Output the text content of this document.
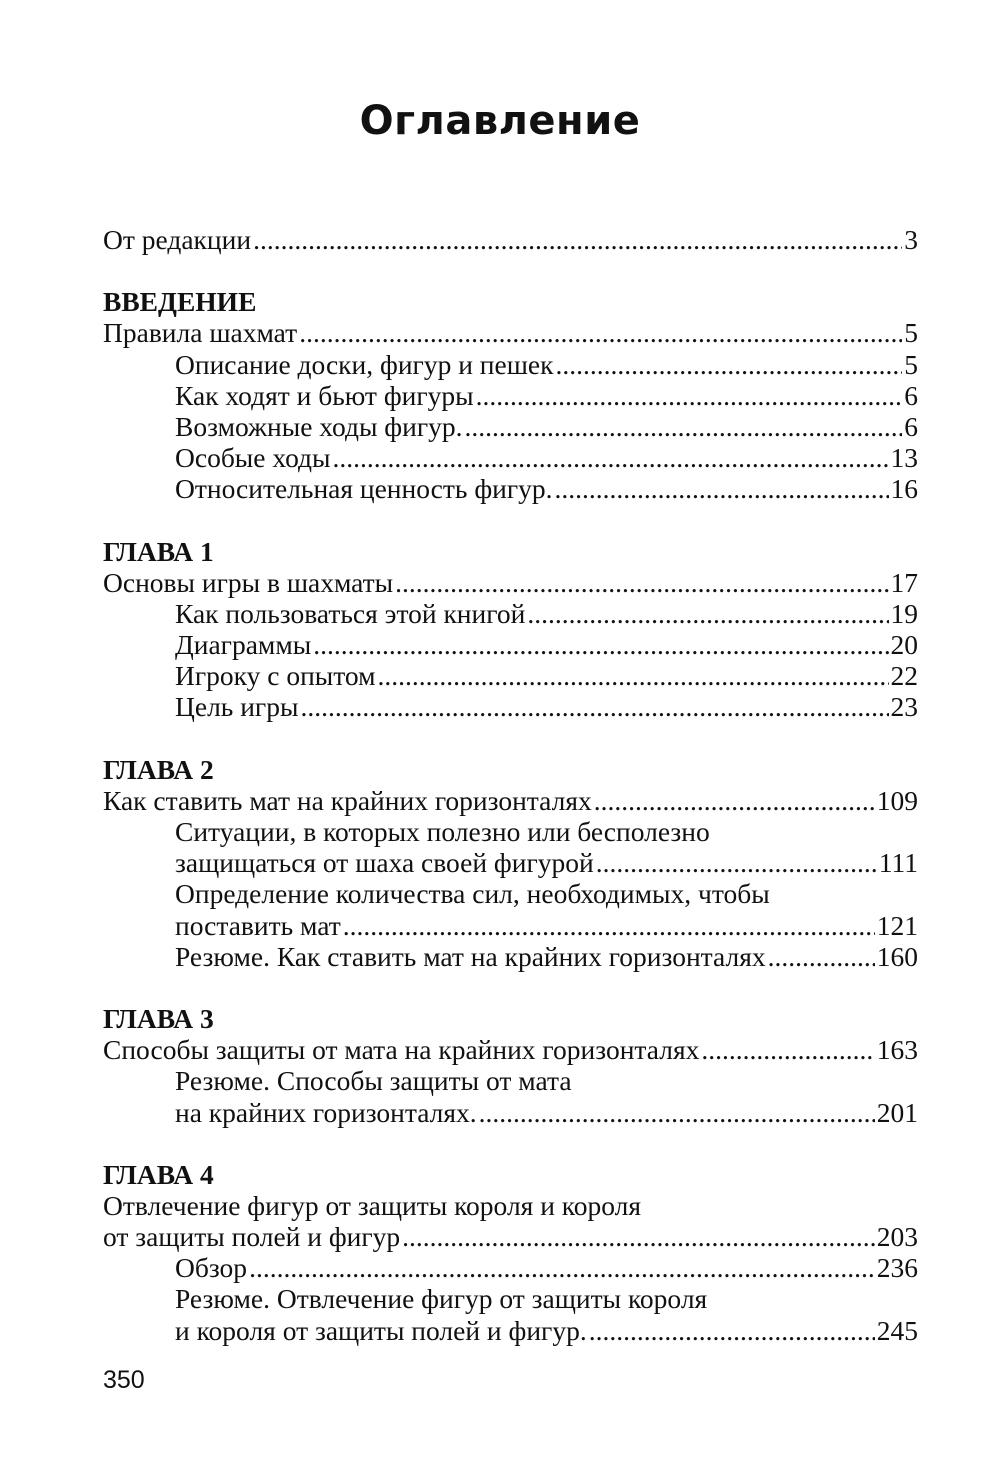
Оглавление
От редакции .....	3
ВВЕДЕНИЕ
Правила шахмат .....	5
Описание доски, фигур и пешек .....	5
Как ходят и бьют фигуры .....	6
Возможные ходы фигур. .....	6
Особые ходы .....	13
Относительная ценность фигур. .....	16
ГЛАВА 1
Основы игры в шахматы .....	17
Как пользоваться этой книгой .....	19
Диаграммы .....	20
Игроку с опытом .....	22
Цель игры .....	23
ГЛАВА 2
Как ставить мат на крайних горизонталях .....	109
Ситуации, в которых полезно или бесполезно
защищаться от шаха своей фигурой .....	111
Определение количества сил, необходимых, чтобы
поставить мат .....	121
Резюме. Как ставить мат на крайних горизонталях .....	160
ГЛАВА 3
Способы защиты от мата на крайних горизонталях .....	163
Резюме. Способы защиты от мата
на крайних горизонталях. .....	201
ГЛАВА 4
Отвлечение фигур от защиты короля и короля
от защиты полей и фигур .....	203
Обзор .....	236
Резюме. Отвлечение фигур от защиты короля
и короля от защиты полей и фигур. .....	245
350
